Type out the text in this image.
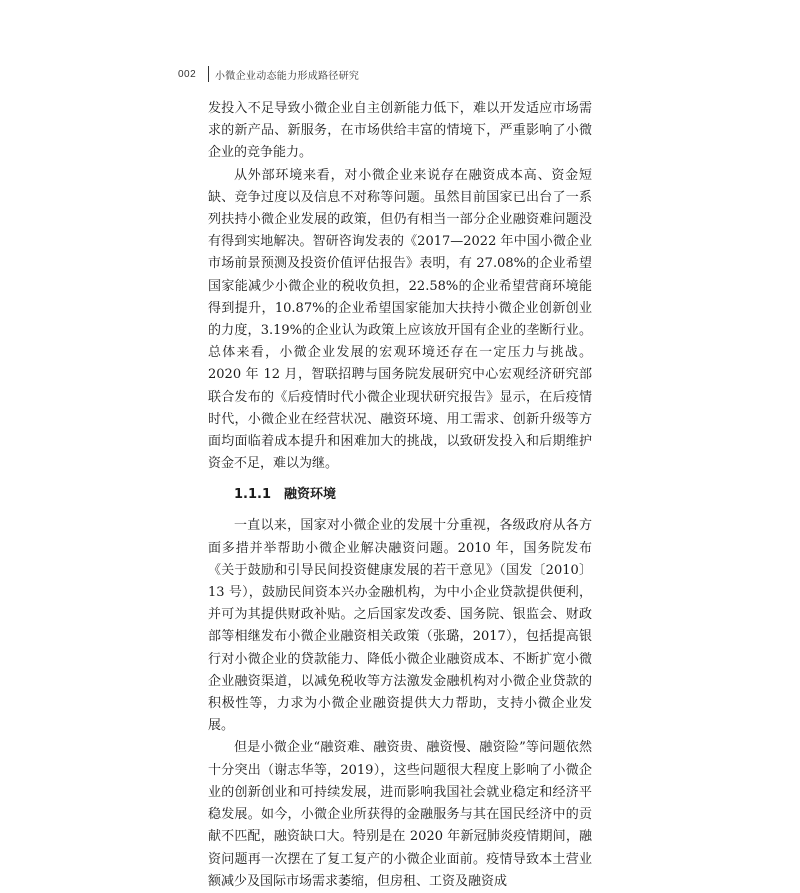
002	小微企业动态能力形成路径研究

发投入不足导致小微企业自主创新能力低下，难以开发适应市场需求的新产品、新服务，在市场供给丰富的情境下，严重影响了小微企业的竞争能力。

从外部环境来看，对小微企业来说存在融资成本高、资金短缺、竞争过度以及信息不对称等问题。虽然目前国家已出台了一系列扶持小微企业发展的政策，但仍有相当一部分企业融资难问题没有得到实地解决。智研咨询发表的《2017—2022 年中国小微企业市场前景预测及投资价值评估报告》表明，有 27.08%的企业希望国家能减少小微企业的税收负担，22.58%的企业希望营商环境能得到提升，10.87%的企业希望国家能加大扶持小微企业创新创业的力度，3.19%的企业认为政策上应该放开国有企业的垄断行业。总体来看，小微企业发展的宏观环境还存在一定压力与挑战。2020 年 12 月，智联招聘与国务院发展研究中心宏观经济研究部联合发布的《后疫情时代小微企业现状研究报告》显示，在后疫情时代，小微企业在经营状况、融资环境、用工需求、创新升级等方面均面临着成本提升和困难加大的挑战，以致研发投入和后期维护资金不足，难以为继。

1.1.1 融资环境

一直以来，国家对小微企业的发展十分重视，各级政府从各方面多措并举帮助小微企业解决融资问题。2010 年，国务院发布《关于鼓励和引导民间投资健康发展的若干意见》（国发〔2010〕13 号），鼓励民间资本兴办金融机构，为中小企业贷款提供便利，并可为其提供财政补贴。之后国家发改委、国务院、银监会、财政部等相继发布小微企业融资相关政策（张璐，2017），包括提高银行对小微企业的贷款能力、降低小微企业融资成本、不断扩宽小微企业融资渠道，以减免税收等方法激发金融机构对小微企业贷款的积极性等，力求为小微企业融资提供大力帮助，支持小微企业发展。

但是小微企业“融资难、融资贵、融资慢、融资险”等问题依然十分突出（谢志华等，2019），这些问题很大程度上影响了小微企业的创新创业和可持续发展，进而影响我国社会就业稳定和经济平稳发展。如今，小微企业所获得的金融服务与其在国民经济中的贡献不匹配，融资缺口大。特别是在 2020 年新冠肺炎疫情期间，融资问题再一次摆在了复工复产的小微企业面前。疫情导致本土营业额减少及国际市场需求萎缩，但房租、工资及融资成
